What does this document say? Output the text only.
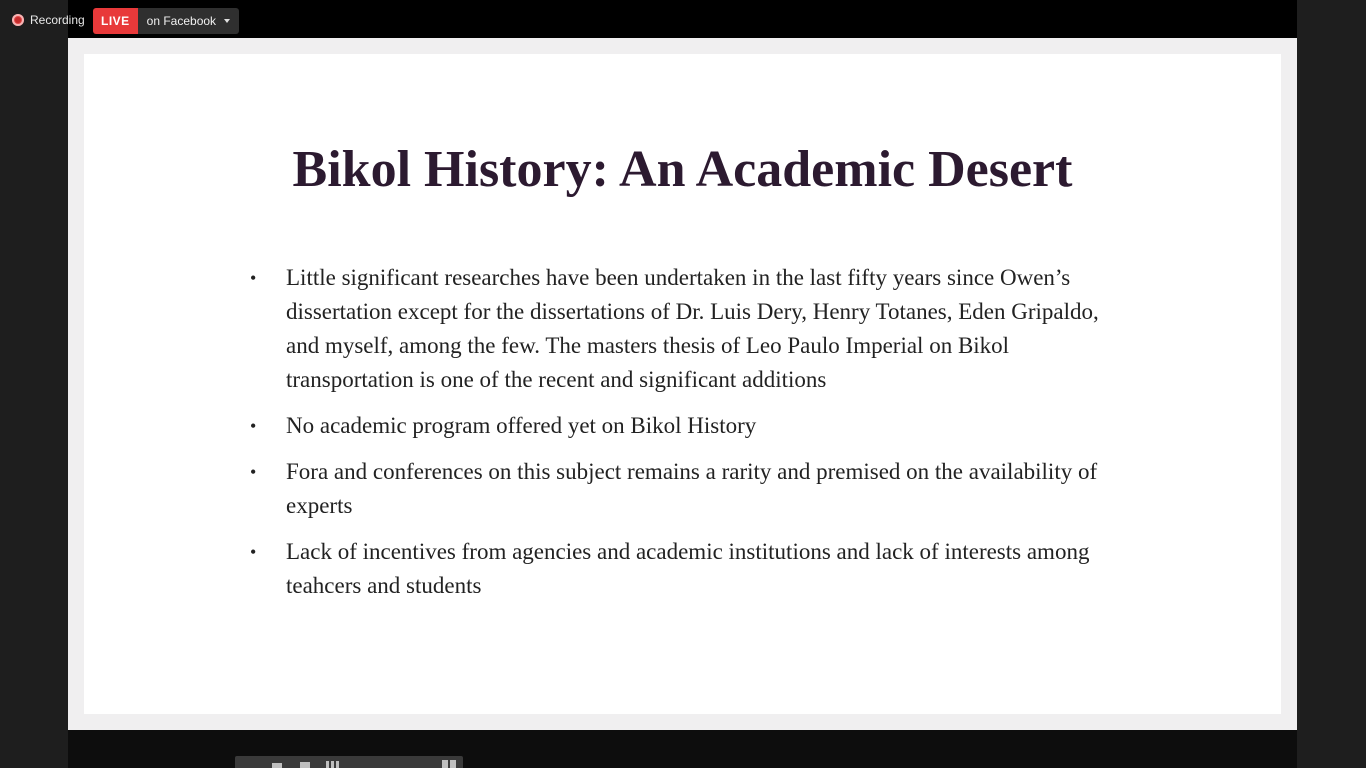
Recording	LIVE	on Facebook
Bikol History: An Academic Desert
• Little significant researches have been undertaken in the last fifty years since Owen’s dissertation except for the dissertations of Dr. Luis Dery, Henry Totanes, Eden Gripaldo, and myself, among the few. The masters thesis of Leo Paulo Imperial on Bikol transportation is one of the recent and significant additions
• No academic program offered yet on Bikol History
• Fora and conferences on this subject remains a rarity and premised on the availability of experts
• Lack of incentives from agencies and academic institutions and lack of interests among teahcers and students
